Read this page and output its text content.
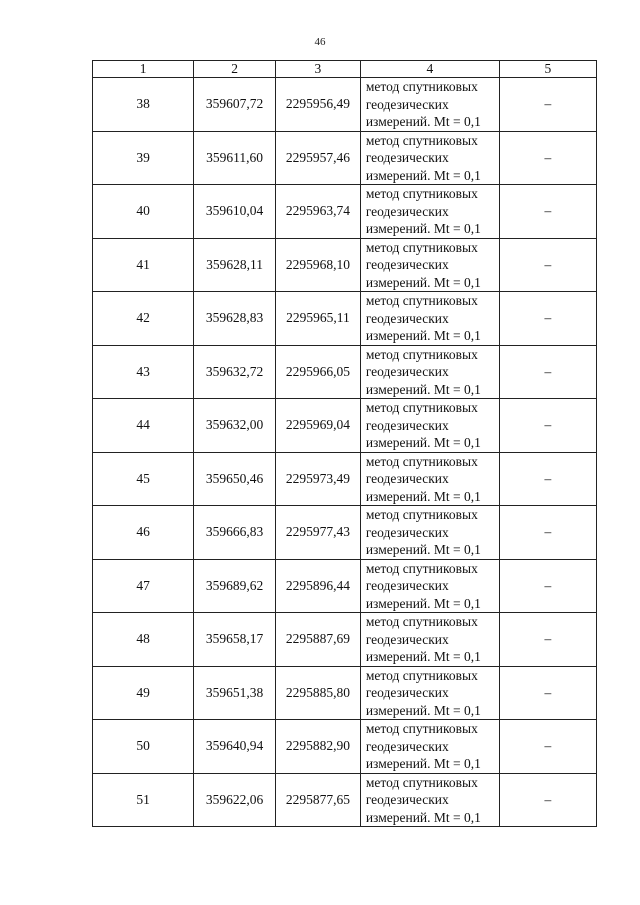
46
1	2	3	4	5
38	359607,72	2295956,49	метод спутниковых
геодезических
измерений. Mt = 0,1	–
39	359611,60	2295957,46	метод спутниковых
геодезических
измерений. Mt = 0,1	–
40	359610,04	2295963,74	метод спутниковых
геодезических
измерений. Mt = 0,1	–
41	359628,11	2295968,10	метод спутниковых
геодезических
измерений. Mt = 0,1	–
42	359628,83	2295965,11	метод спутниковых
геодезических
измерений. Mt = 0,1	–
43	359632,72	2295966,05	метод спутниковых
геодезических
измерений. Mt = 0,1	–
44	359632,00	2295969,04	метод спутниковых
геодезических
измерений. Mt = 0,1	–
45	359650,46	2295973,49	метод спутниковых
геодезических
измерений. Mt = 0,1	–
46	359666,83	2295977,43	метод спутниковых
геодезических
измерений. Mt = 0,1	–
47	359689,62	2295896,44	метод спутниковых
геодезических
измерений. Mt = 0,1	–
48	359658,17	2295887,69	метод спутниковых
геодезических
измерений. Mt = 0,1	–
49	359651,38	2295885,80	метод спутниковых
геодезических
измерений. Mt = 0,1	–
50	359640,94	2295882,90	метод спутниковых
геодезических
измерений. Mt = 0,1	–
51	359622,06	2295877,65	метод спутниковых
геодезических
измерений. Mt = 0,1	–
